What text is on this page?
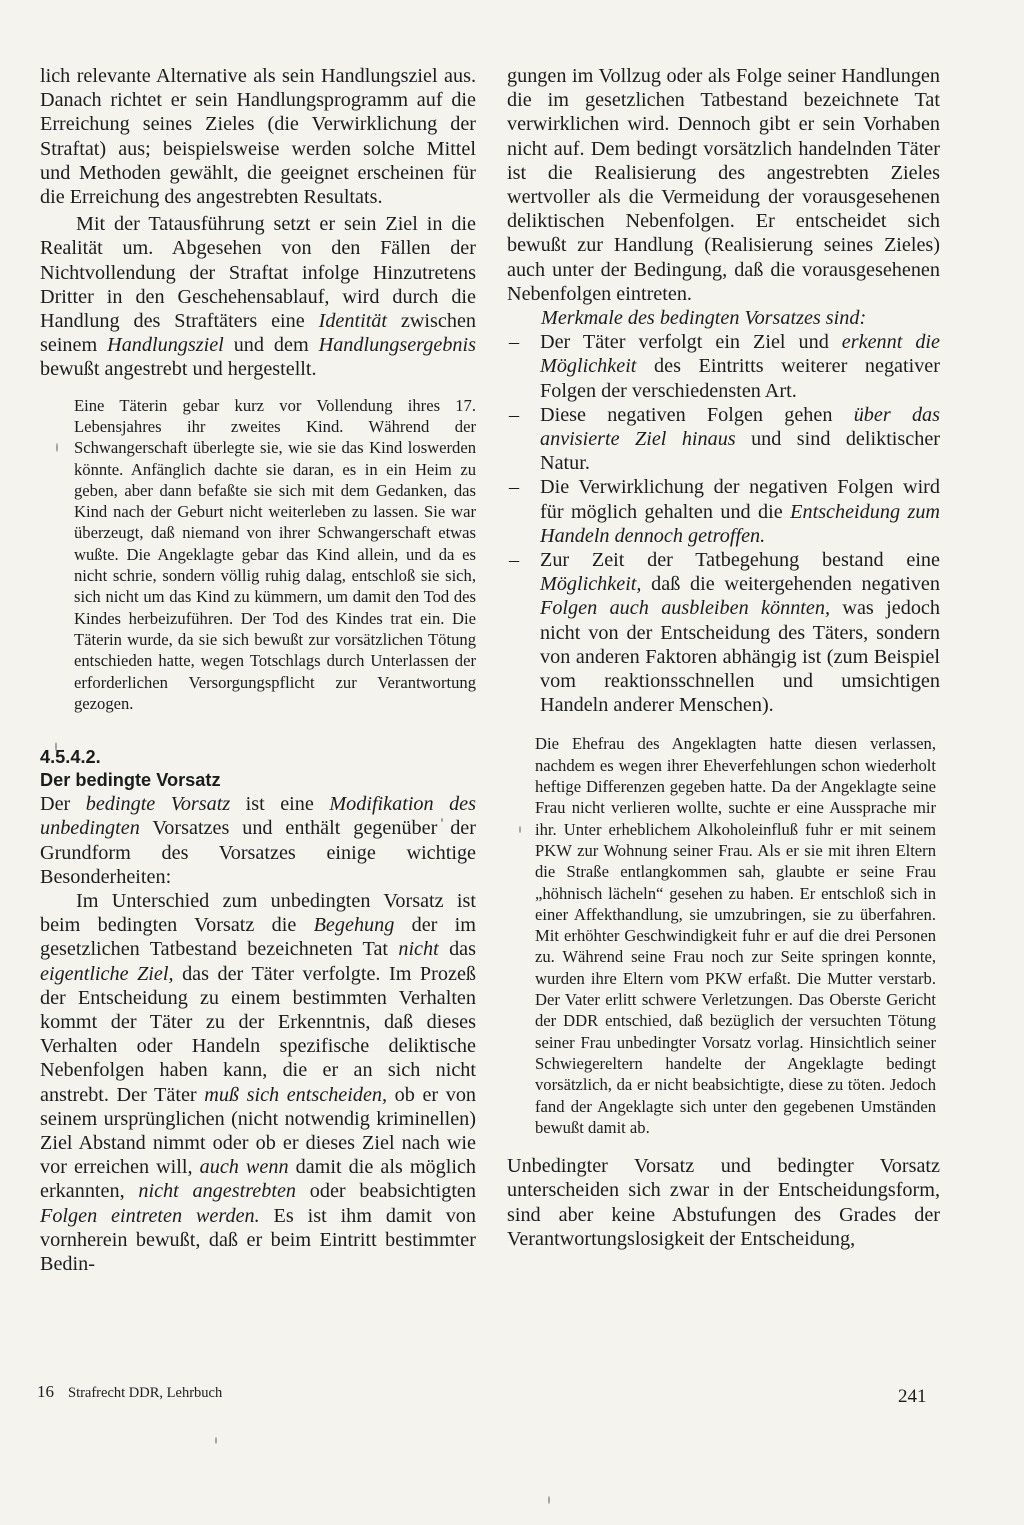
lich relevante Alternative als sein Handlungsziel aus. Danach richtet er sein Handlungsprogramm auf die Erreichung seines Zieles (die Verwirklichung der Straftat) aus; beispielsweise werden solche Mittel und Methoden gewählt, die geeignet erscheinen für die Erreichung des angestrebten Resultats.

Mit der Tatausführung setzt er sein Ziel in die Realität um. Abgesehen von den Fällen der Nichtvollendung der Straftat infolge Hinzutretens Dritter in den Geschehensablauf, wird durch die Handlung des Straftäters eine Identität zwischen seinem Handlungsziel und dem Handlungsergebnis bewußt angestrebt und hergestellt.

Eine Täterin gebar kurz vor Vollendung ihres 17. Lebensjahres ihr zweites Kind. Während der Schwangerschaft überlegte sie, wie sie das Kind loswerden könnte. Anfänglich dachte sie daran, es in ein Heim zu geben, aber dann befaßte sie sich mit dem Gedanken, das Kind nach der Geburt nicht weiterleben zu lassen. Sie war überzeugt, daß niemand von ihrer Schwangerschaft etwas wußte. Die Angeklagte gebar das Kind allein, und da es nicht schrie, sondern völlig ruhig dalag, entschloß sie sich, sich nicht um das Kind zu kümmern, um damit den Tod des Kindes herbeizuführen. Der Tod des Kindes trat ein. Die Täterin wurde, da sie sich bewußt zur vorsätzlichen Tötung entschieden hatte, wegen Totschlags durch Unterlassen der erforderlichen Versorgungspflicht zur Verantwortung gezogen.

4.5.4.2.

Der bedingte Vorsatz

Der bedingte Vorsatz ist eine Modifikation des unbedingten Vorsatzes und enthält gegenüber der Grundform des Vorsatzes einige wichtige Besonderheiten:

Im Unterschied zum unbedingten Vorsatz ist beim bedingten Vorsatz die Begehung der im gesetzlichen Tatbestand bezeichneten Tat nicht das eigentliche Ziel, das der Täter verfolgte. Im Prozeß der Entscheidung zu einem bestimmten Verhalten kommt der Täter zu der Erkenntnis, daß dieses Verhalten oder Handeln spezifische deliktische Nebenfolgen haben kann, die er an sich nicht anstrebt. Der Täter muß sich entscheiden, ob er von seinem ursprünglichen (nicht notwendig kriminellen) Ziel Abstand nimmt oder ob er dieses Ziel nach wie vor erreichen will, auch wenn damit die als möglich erkannten, nicht angestrebten oder beabsichtigten Folgen eintreten werden. Es ist ihm damit von vornherein bewußt, daß er beim Eintritt bestimmter Bedin-

gungen im Vollzug oder als Folge seiner Handlungen die im gesetzlichen Tatbestand bezeichnete Tat verwirklichen wird. Dennoch gibt er sein Vorhaben nicht auf. Dem bedingt vorsätzlich handelnden Täter ist die Realisierung des angestrebten Zieles wertvoller als die Vermeidung der vorausgesehenen deliktischen Nebenfolgen. Er entscheidet sich bewußt zur Handlung (Realisierung seines Zieles) auch unter der Bedingung, daß die vorausgesehenen Nebenfolgen eintreten.

Merkmale des bedingten Vorsatzes sind:

– Der Täter verfolgt ein Ziel und erkennt die Möglichkeit des Eintritts weiterer negativer Folgen der verschiedensten Art.
– Diese negativen Folgen gehen über das anvisierte Ziel hinaus und sind deliktischer Natur.
– Die Verwirklichung der negativen Folgen wird für möglich gehalten und die Entscheidung zum Handeln dennoch getroffen.
– Zur Zeit der Tatbegehung bestand eine Möglichkeit, daß die weitergehenden negativen Folgen auch ausbleiben könnten, was jedoch nicht von der Entscheidung des Täters, sondern von anderen Faktoren abhängig ist (zum Beispiel vom reaktionsschnellen und umsichtigen Handeln anderer Menschen).

Die Ehefrau des Angeklagten hatte diesen verlassen, nachdem es wegen ihrer Eheverfehlungen schon wiederholt heftige Differenzen gegeben hatte. Da der Angeklagte seine Frau nicht verlieren wollte, suchte er eine Aussprache mir ihr. Unter erheblichem Alkoholeinfluß fuhr er mit seinem PKW zur Wohnung seiner Frau. Als er sie mit ihren Eltern die Straße entlangkommen sah, glaubte er seine Frau „höhnisch lächeln“ gesehen zu haben. Er entschloß sich in einer Affekthandlung, sie umzubringen, sie zu überfahren. Mit erhöhter Geschwindigkeit fuhr er auf die drei Personen zu. Während seine Frau noch zur Seite springen konnte, wurden ihre Eltern vom PKW erfaßt. Die Mutter verstarb. Der Vater erlitt schwere Verletzungen. Das Oberste Gericht der DDR entschied, daß bezüglich der versuchten Tötung seiner Frau unbedingter Vorsatz vorlag. Hinsichtlich seiner Schwiegereltern handelte der Angeklagte bedingt vorsätzlich, da er nicht beabsichtigte, diese zu töten. Jedoch fand der Angeklagte sich unter den gegebenen Umständen bewußt damit ab.

Unbedingter Vorsatz und bedingter Vorsatz unterscheiden sich zwar in der Entscheidungsform, sind aber keine Abstufungen des Grades der Verantwortungslosigkeit der Entscheidung,

16 Strafrecht DDR, Lehrbuch	241
